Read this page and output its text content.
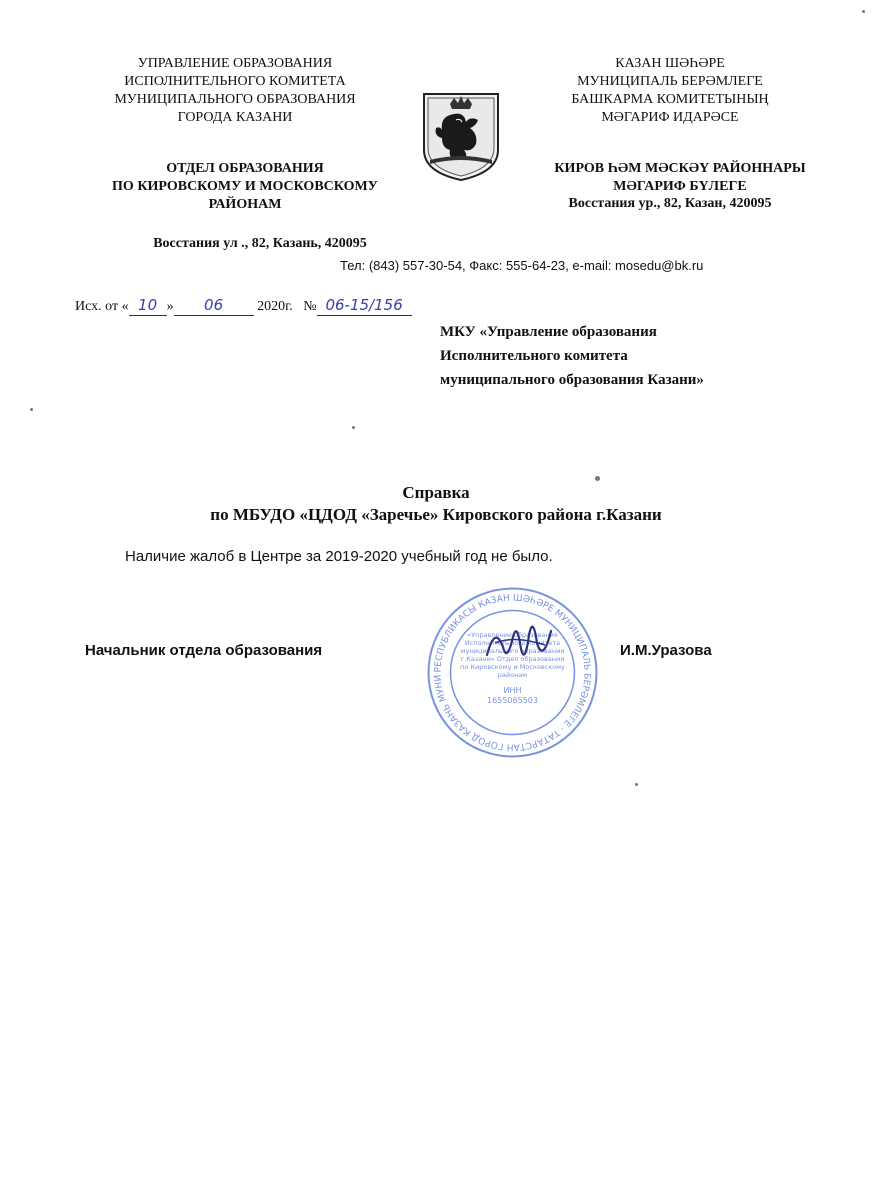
УПРАВЛЕНИЕ ОБРАЗОВАНИЯ
ИСПОЛНИТЕЛЬНОГО КОМИТЕТА
МУНИЦИПАЛЬНОГО ОБРАЗОВАНИЯ
ГОРОДА КАЗАНИ
ОТДЕЛ ОБРАЗОВАНИЯ
ПО КИРОВСКОМУ И МОСКОВСКОМУ
РАЙОНАМ
Восстания ул ., 82, Казань, 420095
КАЗАН ШӘҺӘРЕ
МУНИЦИПАЛЬ БЕРӘМЛЕГЕ
БАШКАРМА КОМИТЕТЫНЫҢ
МӘГАРИФ ИДАРӘСЕ
КИРОВ ҺӘМ МӘСКӘҮ РАЙОННАРЫ
МӘГАРИФ БҮЛЕГЕ
Восстания ур., 82, Казан, 420095
Тел: (843) 557-30-54, Факс: 555-64-23, e-mail: mosedu@bk.ru
Исх. от « 10 » 06 2020г. № 06-15/156
МКУ «Управление образования
Исполнительного комитета
муниципального образования Казани»
Справка
по МБУДО «ЦДОД «Заречье» Кировского района г.Казани
Наличие жалоб в Центре за 2019-2020 учебный год не было.
РЕСПУБЛИКАСЫ КАЗАН ШӘҺӘРЕ МУНИЦИПАЛЬ БЕРӘМЛЕГЕ · ТАТАРСТАН ГОРОД КАЗАНЬ МУНИ
«Управление образования
Исполнительного комитета
муниципального образования
г.Казани» Отдел образования
по Кировскому и Московскому
районам
ИНН
1655065503
Начальник отдела образования	И.М.Уразова
